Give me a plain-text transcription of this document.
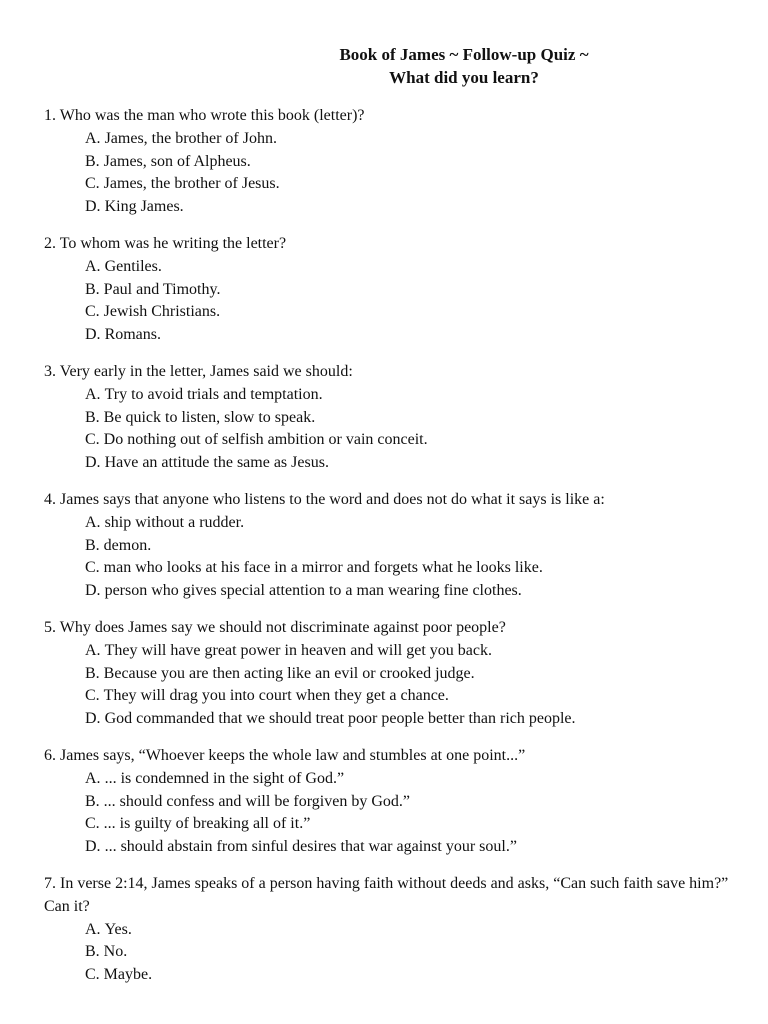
Book of James ~ Follow-up Quiz ~
What did you learn?
1. Who was the man who wrote this book (letter)?
A. James, the brother of John.
B. James, son of Alpheus.
C. James, the brother of Jesus.
D. King James.
2. To whom was he writing the letter?
A. Gentiles.
B. Paul and Timothy.
C. Jewish Christians.
D. Romans.
3. Very early in the letter, James said we should:
A. Try to avoid trials and temptation.
B. Be quick to listen, slow to speak.
C. Do nothing out of selfish ambition or vain conceit.
D. Have an attitude the same as Jesus.
4. James says that anyone who listens to the word and does not do what it says is like a:
A. ship without a rudder.
B. demon.
C. man who looks at his face in a mirror and forgets what he looks like.
D. person who gives special attention to a man wearing fine clothes.
5. Why does James say we should not discriminate against poor people?
A. They will have great power in heaven and will get you back.
B. Because you are then acting like an evil or crooked judge.
C. They will drag you into court when they get a chance.
D. God commanded that we should treat poor people better than rich people.
6. James says, “Whoever keeps the whole law and stumbles at one point...”
A. ... is condemned in the sight of God.”
B. ... should confess and will be forgiven by God.”
C. ... is guilty of breaking all of it.”
D. ... should abstain from sinful desires that war against your soul.”
7. In verse 2:14, James speaks of a person having faith without deeds and asks, “Can such faith save him?” Can it?
A. Yes.
B. No.
C. Maybe.
